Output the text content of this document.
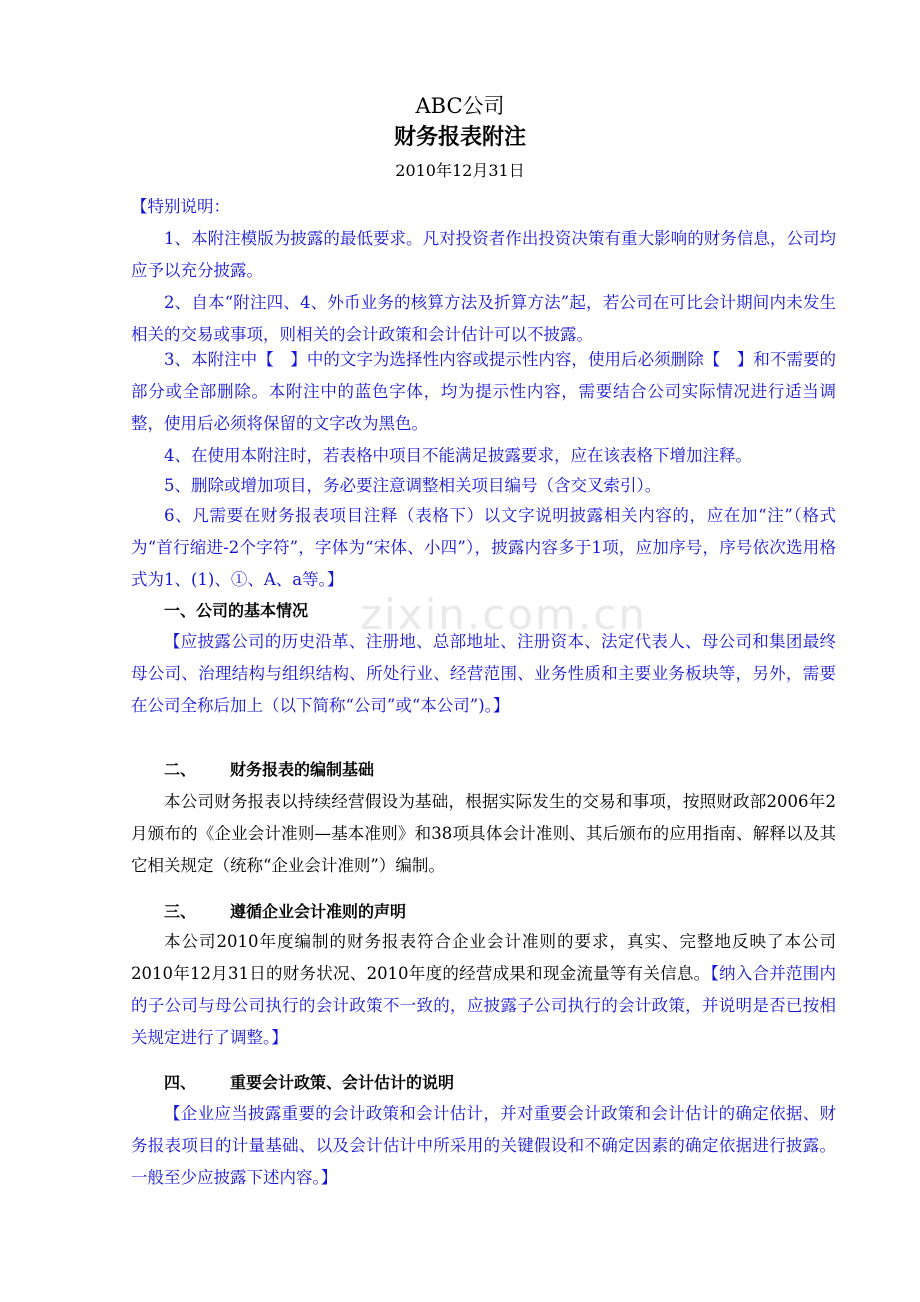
zixin.com.cn
ABC公司
财务报表附注
2010年12月31日
【特别说明：
1、本附注模版为披露的最低要求。凡对投资者作出投资决策有重大影响的财务信息，公司均应予以充分披露。
2、自本“附注四、4、外币业务的核算方法及折算方法”起，若公司在可比会计期间内未发生相关的交易或事项，则相关的会计政策和会计估计可以不披露。
3、本附注中【　】中的文字为选择性内容或提示性内容，使用后必须删除【　】和不需要的部分或全部删除。本附注中的蓝色字体，均为提示性内容，需要结合公司实际情况进行适当调整，使用后必须将保留的文字改为黑色。
4、在使用本附注时，若表格中项目不能满足披露要求，应在该表格下增加注释。
5、删除或增加项目，务必要注意调整相关项目编号（含交叉索引）。
6、凡需要在财务报表项目注释（表格下）以文字说明披露相关内容的，应在加“注”（格式为“首行缩进-2个字符”，字体为“宋体、小四”），披露内容多于1项，应加序号，序号依次选用格式为1、(1)、①、A、a等。】
一、公司的基本情况
【应披露公司的历史沿革、注册地、总部地址、注册资本、法定代表人、母公司和集团最终母公司、治理结构与组织结构、所处行业、经营范围、业务性质和主要业务板块等，另外，需要在公司全称后加上（以下简称“公司”或“本公司”)。】
二、 财务报表的编制基础
本公司财务报表以持续经营假设为基础，根据实际发生的交易和事项，按照财政部2006年2月颁布的《企业会计准则—基本准则》和38项具体会计准则、其后颁布的应用指南、解释以及其它相关规定（统称“企业会计准则”）编制。
三、 遵循企业会计准则的声明
本公司2010年度编制的财务报表符合企业会计准则的要求，真实、完整地反映了本公司2010年12月31日的财务状况、2010年度的经营成果和现金流量等有关信息。【纳入合并范围内的子公司与母公司执行的会计政策不一致的，应披露子公司执行的会计政策，并说明是否已按相关规定进行了调整。】
四、 重要会计政策、会计估计的说明
【企业应当披露重要的会计政策和会计估计，并对重要会计政策和会计估计的确定依据、财务报表项目的计量基础、以及会计估计中所采用的关键假设和不确定因素的确定依据进行披露。一般至少应披露下述内容。】
